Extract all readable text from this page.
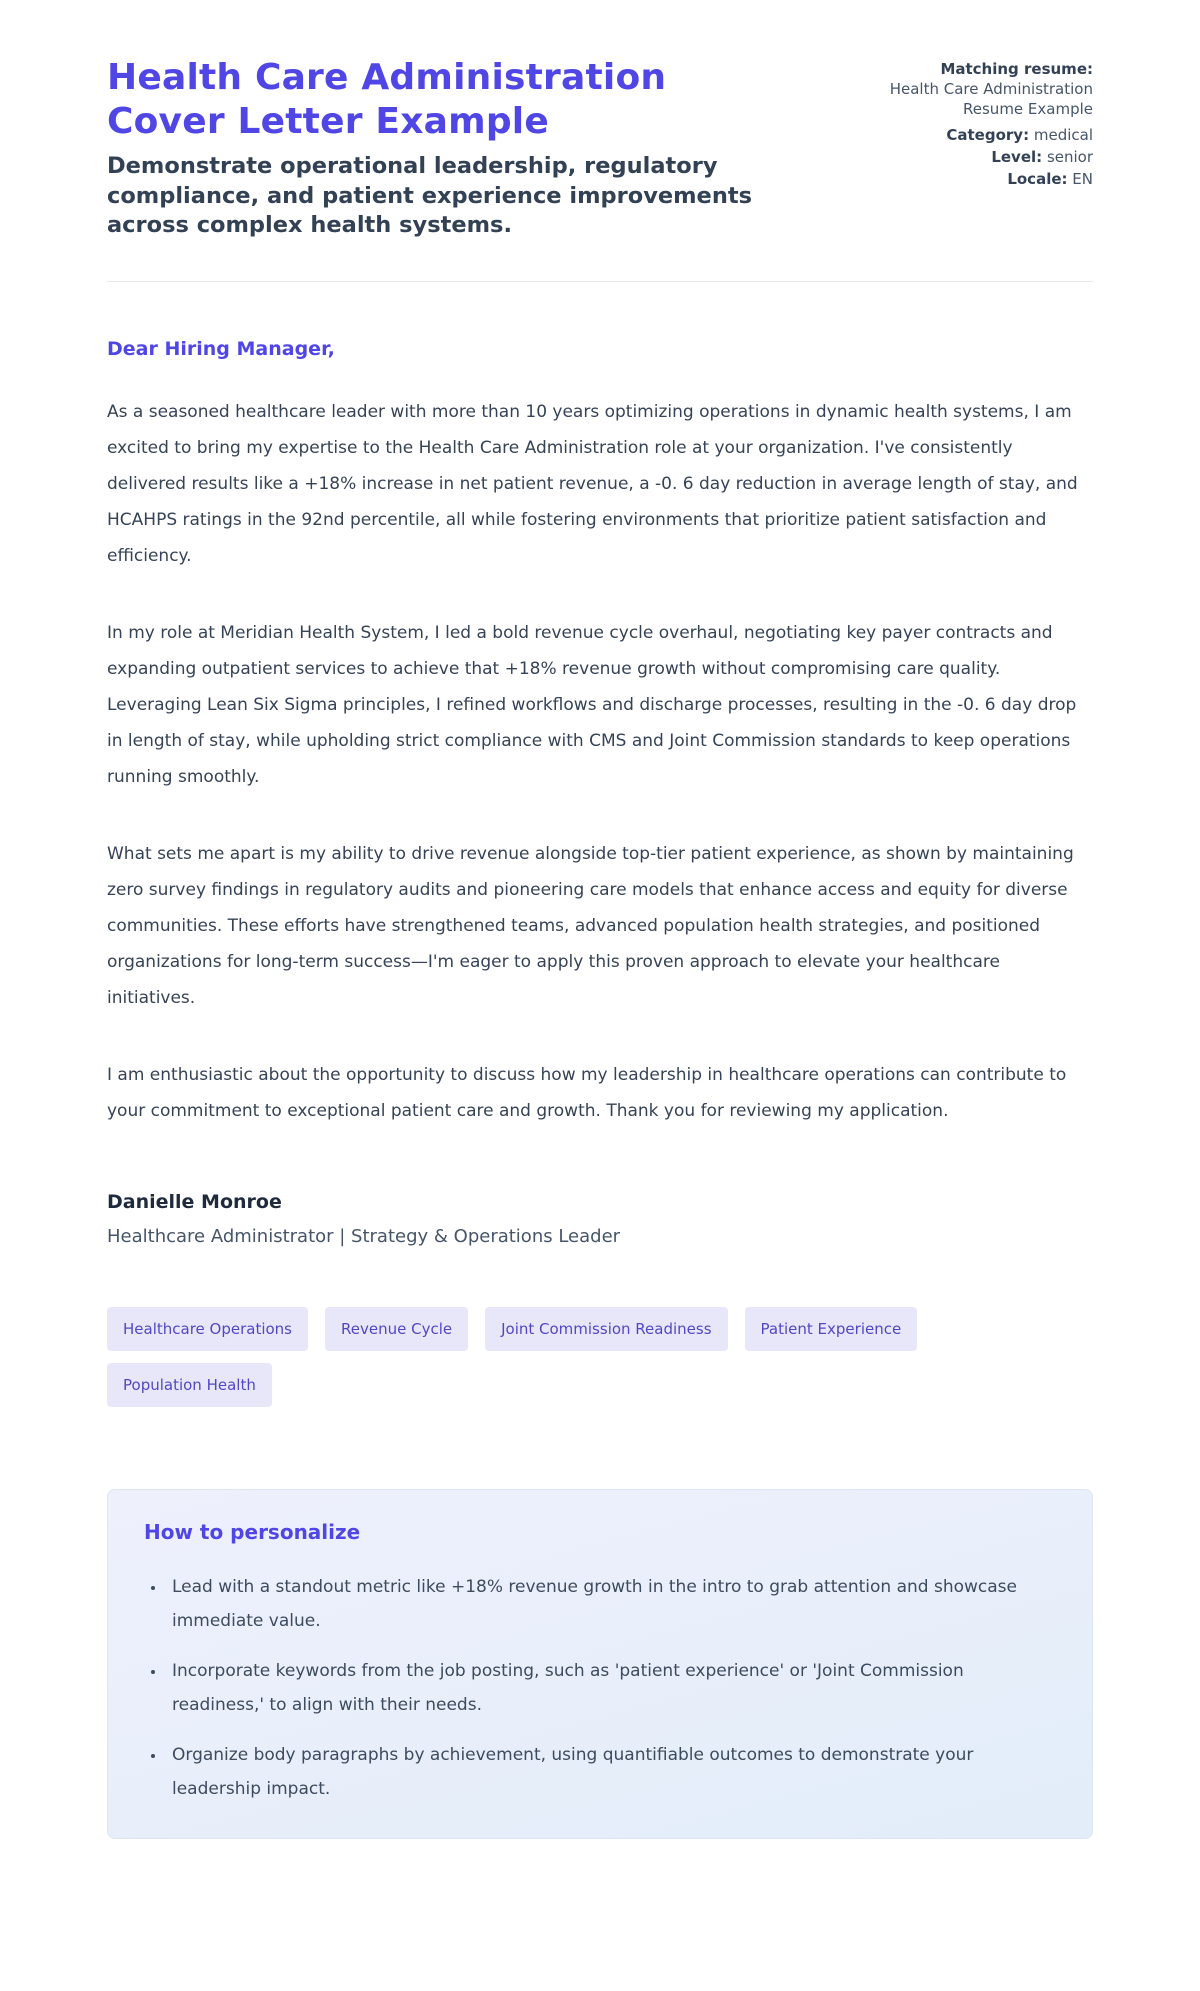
Health Care Administration Cover Letter Example

Demonstrate operational leadership, regulatory compliance, and patient experience improvements across complex health systems.

Matching resume:
Health Care Administration Resume Example
Category: medical
Level: senior
Locale: EN

Dear Hiring Manager,

As a seasoned healthcare leader with more than 10 years optimizing operations in dynamic health systems, I am excited to bring my expertise to the Health Care Administration role at your organization. I've consistently delivered results like a +18% increase in net patient revenue, a -0. 6 day reduction in average length of stay, and HCAHPS ratings in the 92nd percentile, all while fostering environments that prioritize patient satisfaction and efficiency.

In my role at Meridian Health System, I led a bold revenue cycle overhaul, negotiating key payer contracts and expanding outpatient services to achieve that +18% revenue growth without compromising care quality. Leveraging Lean Six Sigma principles, I refined workflows and discharge processes, resulting in the -0. 6 day drop in length of stay, while upholding strict compliance with CMS and Joint Commission standards to keep operations running smoothly.

What sets me apart is my ability to drive revenue alongside top-tier patient experience, as shown by maintaining zero survey findings in regulatory audits and pioneering care models that enhance access and equity for diverse communities. These efforts have strengthened teams, advanced population health strategies, and positioned organizations for long-term success—I'm eager to apply this proven approach to elevate your healthcare initiatives.

I am enthusiastic about the opportunity to discuss how my leadership in healthcare operations can contribute to your commitment to exceptional patient care and growth. Thank you for reviewing my application.

Danielle Monroe

Healthcare Administrator | Strategy & Operations Leader

Healthcare Operations	Revenue Cycle	Joint Commission Readiness	Patient Experience
Population Health
How to personalize
• Lead with a standout metric like +18% revenue growth in the intro to grab attention and showcase immediate value.
• Incorporate keywords from the job posting, such as 'patient experience' or 'Joint Commission readiness,' to align with their needs.
• Organize body paragraphs by achievement, using quantifiable outcomes to demonstrate your leadership impact.
